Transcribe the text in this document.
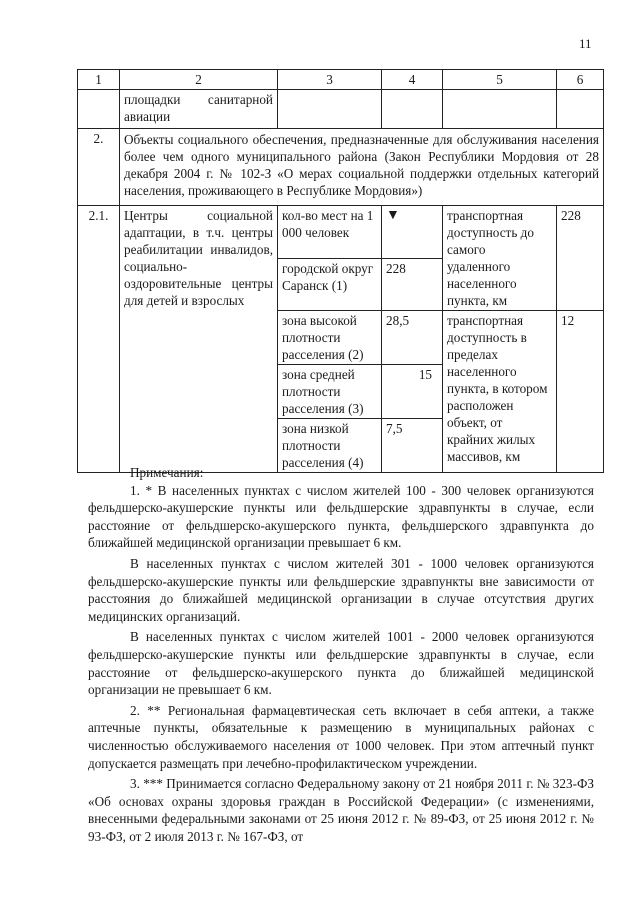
11
1	2	3	4	5	6
	площадки санитарной авиации				
2.	Объекты социального обеспечения, предназначенные для обслуживания населения более чем одного муниципального района (Закон Республики Мордовия от 28 декабря 2004 г. № 102-З «О мерах социальной поддержки отдельных категорий населения, проживающего в Республике Мордовия»)				
2.1.	Центры социальной адаптации, в т.ч. центры реабилитации инвалидов, социально-оздоровительные центры для детей и взрослых	кол-во мест на 1 000 человек	▼	транспортная доступность до самого удаленного населенного пункта, км	228
		городской округ Саранск (1)	228		
		зона высокой плотности расселения (2)	28,5	транспортная доступность в пределах населенного пункта, в котором расположен объект, от крайних жилых массивов, км	12
		зона средней плотности расселения (3)	15		
		зона низкой плотности расселения (4)	7,5		

Примечания:

1. * В населенных пунктах с числом жителей 100 - 300 человек организуются фельдшерско-акушерские пункты или фельдшерские здравпункты в случае, если расстояние от фельдшерско-акушерского пункта, фельдшерского здравпункта до ближайшей медицинской организации превышает 6 км.

В населенных пунктах с числом жителей 301 - 1000 человек организуются фельдшерско-акушерские пункты или фельдшерские здравпункты вне зависимости от расстояния до ближайшей медицинской организации в случае отсутствия других медицинских организаций.

В населенных пунктах с числом жителей 1001 - 2000 человек организуются фельдшерско-акушерские пункты или фельдшерские здравпункты в случае, если расстояние от фельдшерско-акушерского пункта до ближайшей медицинской организации не превышает 6 км.

2. ** Региональная фармацевтическая сеть включает в себя аптеки, а также аптечные пункты, обязательные к размещению в муниципальных районах с численностью обслуживаемого населения от 1000 человек. При этом аптечный пункт допускается размещать при лечебно-профилактическом учреждении.

3. *** Принимается согласно Федеральному закону от 21 ноября 2011 г. № 323-ФЗ «Об основах охраны здоровья граждан в Российской Федерации» (с изменениями, внесенными федеральными законами от 25 июня 2012 г. № 89-ФЗ, от 25 июня 2012 г. № 93-ФЗ, от 2 июля 2013 г. № 167-ФЗ, от
